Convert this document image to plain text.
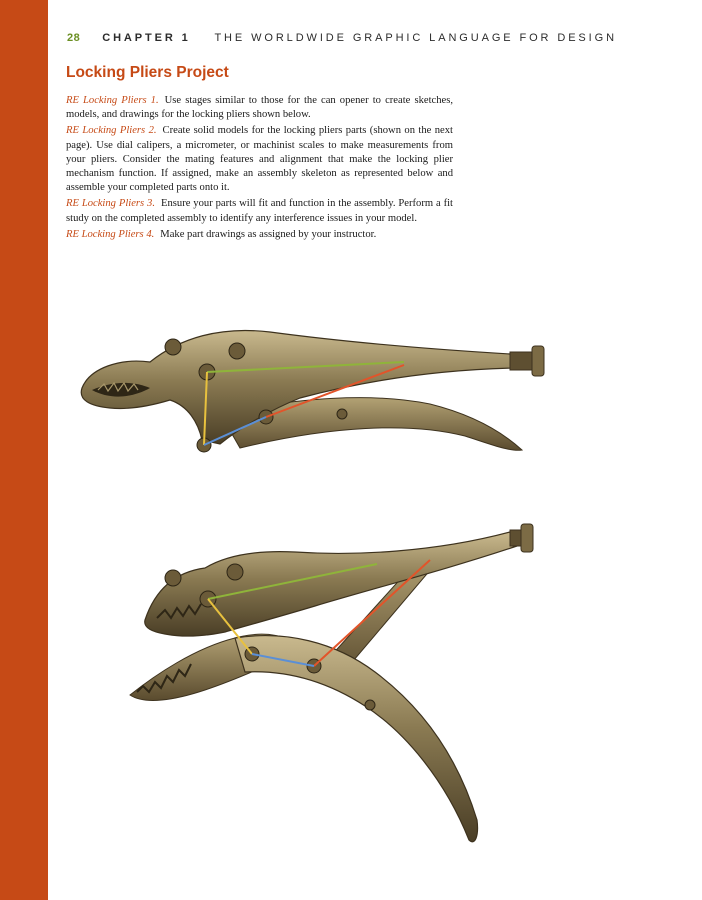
28 CHAPTER 1 THE WORLDWIDE GRAPHIC LANGUAGE FOR DESIGN
Locking Pliers Project

RE Locking Pliers 1. Use stages similar to those for the can opener to create sketches, models, and drawings for the locking pliers shown below.

RE Locking Pliers 2. Create solid models for the locking pliers parts (shown on the next page). Use dial calipers, a micrometer, or machinist scales to make measurements from your pliers. Consider the mating features and alignment that make the locking plier mechanism function. If assigned, make an assembly skeleton as represented below and assemble your completed parts onto it.

RE Locking Pliers 3. Ensure your parts will fit and function in the assembly. Perform a fit study on the completed assembly to identify any interference issues in your model.

RE Locking Pliers 4. Make part drawings as assigned by your instructor.
